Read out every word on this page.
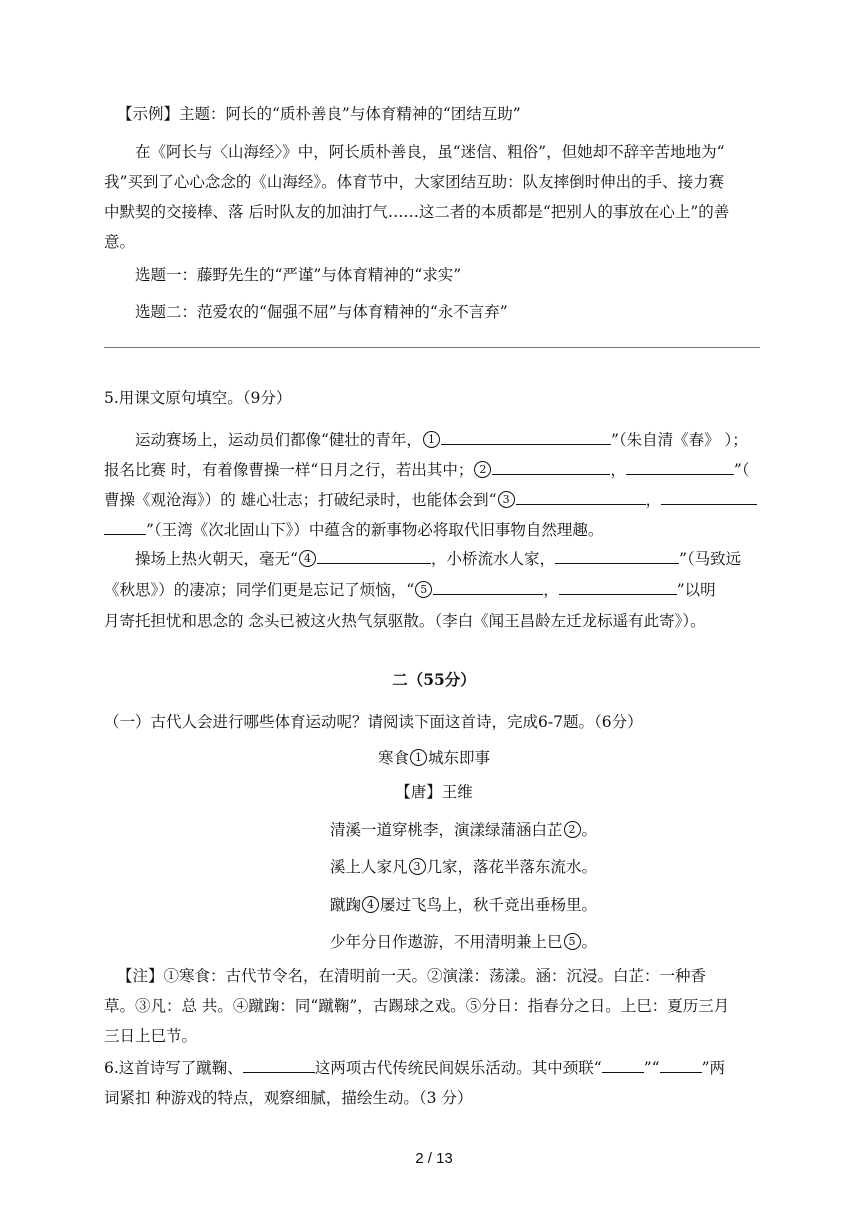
【示例】主题：阿长的“质朴善良”与体育精神的“团结互助”
在《阿长与〈山海经〉》中，阿长质朴善良，虽“迷信、粗俗”，但她却不辞辛苦地地为“
我”买到了心心念念的《山海经》。体育节中，大家团结互助：队友摔倒时伸出的手、接力赛
中默契的交接棒、落 后时队友的加油打气……这二者的本质都是“把别人的事放在心上”的善
意。
选题一：藤野先生的“严谨”与体育精神的“求实”
选题二：范爱农的“倔强不屈”与体育精神的“永不言弃”
5.用课文原句填空。（9分）
运动赛场上，运动员们都像“健壮的青年， 1	”（朱自清《春》 ）；
报名比赛 时，有着像曹操一样“日月之行，若出其中； 2	，	”（
曹操《观沧海》）的 雄心壮志；打破纪录时，也能体会到“ 3	，
”（王湾《次北固山下》）中蕴含的新事物必将取代旧事物自然理趣。
操场上热火朝天，毫无“ 4	，小桥流水人家，	”（马致远
《秋思》）的凄凉；同学们更是忘记了烦恼，“ 5	，	”以明
月寄托担忧和思念的 念头已被这火热气氛驱散。（李白《闻王昌龄左迁龙标遥有此寄》）。
二（55分）
（一）古代人会进行哪些体育运动呢？请阅读下面这首诗，完成6-7题。（6分）
寒食 1 城东即事
【唐】王维
清溪一道穿桃李，演漾绿蒲涵白芷 2 。
溪上人家凡 3 几家，落花半落东流水。
蹴踘 4 屡过飞鸟上，秋千竞出垂杨里。
少年分日作遨游，不用清明兼上巳 5 。
【注】①寒食：古代节令名，在清明前一天。②演漾：荡漾。涵：沉浸。白芷：一种香
草。③凡：总 共。④蹴踘：同“蹴鞠”，古踢球之戏。⑤分日：指春分之日。上巳：夏历三月
三日上巳节。
6.这首诗写了蹴鞠、	这两项古代传统民间娱乐活动。其中颈联“	”“	”两
词紧扣 种游戏的特点，观察细腻，描绘生动。（3 分）
2 / 13
